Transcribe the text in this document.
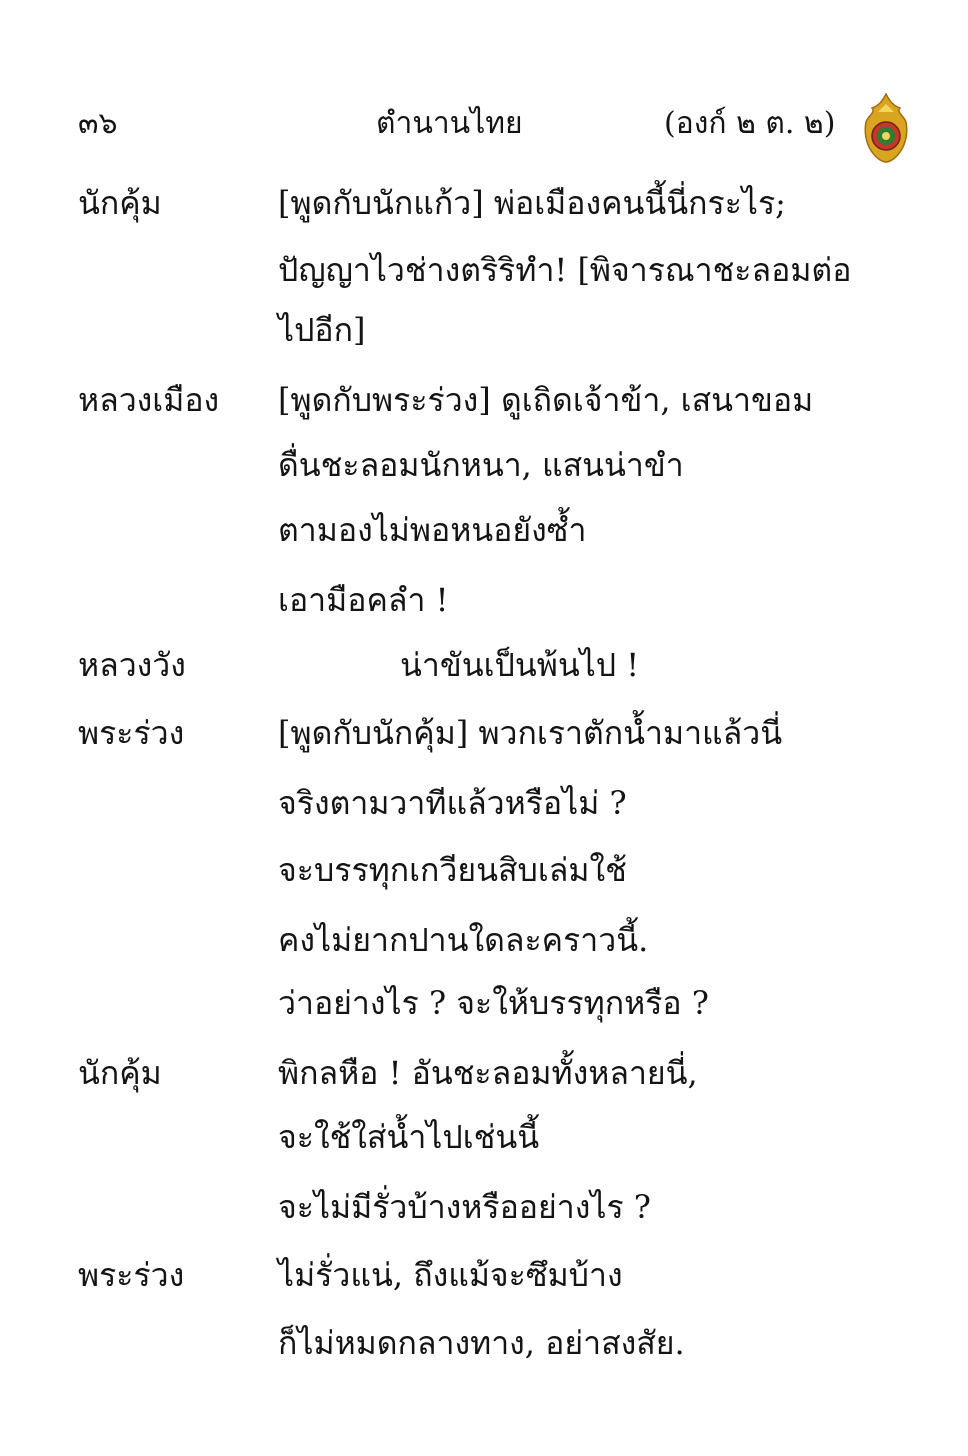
๓๖	ตำนานไทย	(องก์ ๒ ต. ๒)
นักคุ้ม	[พูดกับนักแก้ว] พ่อเมืองคนนี้นี่กระไร;
ปัญญาไวช่างตริริทำ! [พิจารณาชะลอมต่อ
ไปอีก]
หลวงเมือง [พูดกับพระร่วง] ดูเถิดเจ้าข้า, เสนาขอม
ดื่นชะลอมนักหนา, แสนน่าขำ
ตามองไม่พอหนอยังซ้ำ
เอามือคลำ !
หลวงวัง	น่าขันเป็นพ้นไป !
พระร่วง	[พูดกับนักคุ้ม] พวกเราตักน้ำมาแล้วนี่
จริงตามวาทีแล้วหรือไม่ ?
จะบรรทุกเกวียนสิบเล่มใช้
คงไม่ยากปานใดละคราวนี้.
ว่าอย่างไร ? จะให้บรรทุกหรือ ?
นักคุ้ม	พิกลหือ ! อันชะลอมทั้งหลายนี่,
จะใช้ใส่น้ำไปเช่นนี้
จะไม่มีรั่วบ้างหรืออย่างไร ?
พระร่วง	ไม่รั่วแน่, ถึงแม้จะซึมบ้าง
ก็ไม่หมดกลางทาง, อย่าสงสัย.
